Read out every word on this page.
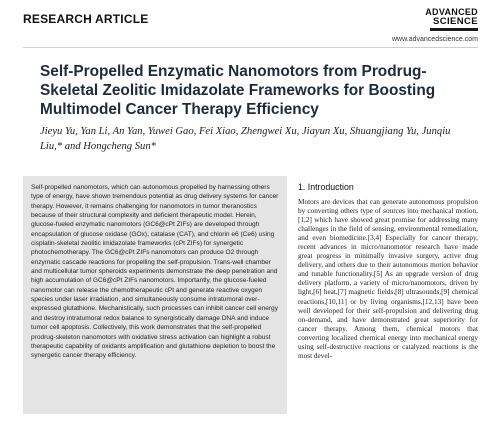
RESEARCH ARTICLE	ADVANCED
SCIENCE
www.advancedscience.com
Self-Propelled Enzymatic Nanomotors from Prodrug-Skeletal Zeolitic Imidazolate Frameworks for Boosting Multimodel Cancer Therapy Efficiency
Jieyu Yu, Yan Li, An Yan, Yuwei Gao, Fei Xiao, Zhengwei Xu, Jiayun Xu, Shuangjiang Yu, Junqiu Liu,* and Hongcheng Sun*
Self-propelled nanomotors, which can autonomous propelled by harnessing others type of energy, have shown tremendous potential as drug delivery systems for cancer therapy. However, it remains challenging for nanomotors in tumor theranostics because of their structural complexity and deficient therapeutic model. Herein, glucose-fueled enzymatic nanomotors (GC6@cPt ZIFs) are developed through encapsulation of glucose oxidase (GOx), catalase (CAT), and chlorin e6 (Ce6) using cisplatin-skeletal zeolitic imidazolate frameworks (cPt ZIFs) for synergetic photochemotherapy. The GC6@cPt ZIFs nanomotors can produce O2 through enzymatic cascade reactions for propelling the self-propulsion. Trans-well chamber and multicellular tumor spheroids experiments demonstrate the deep penetration and high accumulation of GC6@cPt ZIFs nanomotors. Importantly, the glucose-fueled nanomotor can release the chemotherapeutic cPt and generate reactive oxygen species under laser irradiation, and simultaneously consume intratumoral over-expressed glutathione. Mechanistically, such processes can inhibit cancer cell energy and destroy intratumoral redox balance to synergistically damage DNA and induce tumor cell apoptosis. Collectively, this work demonstrates that the self-propelled prodrug-skeleton nanomotors with oxidative stress activation can highlight a robust therapeutic capability of oxidants amplification and glutathione depletion to boost the synergetic cancer therapy efficiency.
1. Introduction
Motors are devices that can generate autonomous propulsion by converting others type of sources into mechanical motion,[1,2] which have showed great promise for addressing many challenges in the field of sensing, environmental remediation, and even biomedicine.[3,4] Especially for cancer therapy, recent advances in micro/nanomotor research have made great progress in minimally invasive surgery, active drug delivery, and others due to their autonomous motion behavior and tunable functionality.[5] As an upgrade version of drug delivery platform, a variety of micro/nanomotors, driven by light,[6] heat,[7] magnetic fields,[8] ultrasounds,[9] chemical reactions,[10,11] or by living organisms,[12,13] have been well developed for their self-propulsion and delivering drug on-demand, and have demonstrated great superiority for cancer therapy. Among them, chemical motors that converting localized chemical energy into mechanical energy using self-destructive reactions or catalyzed reactions is the most devel-
